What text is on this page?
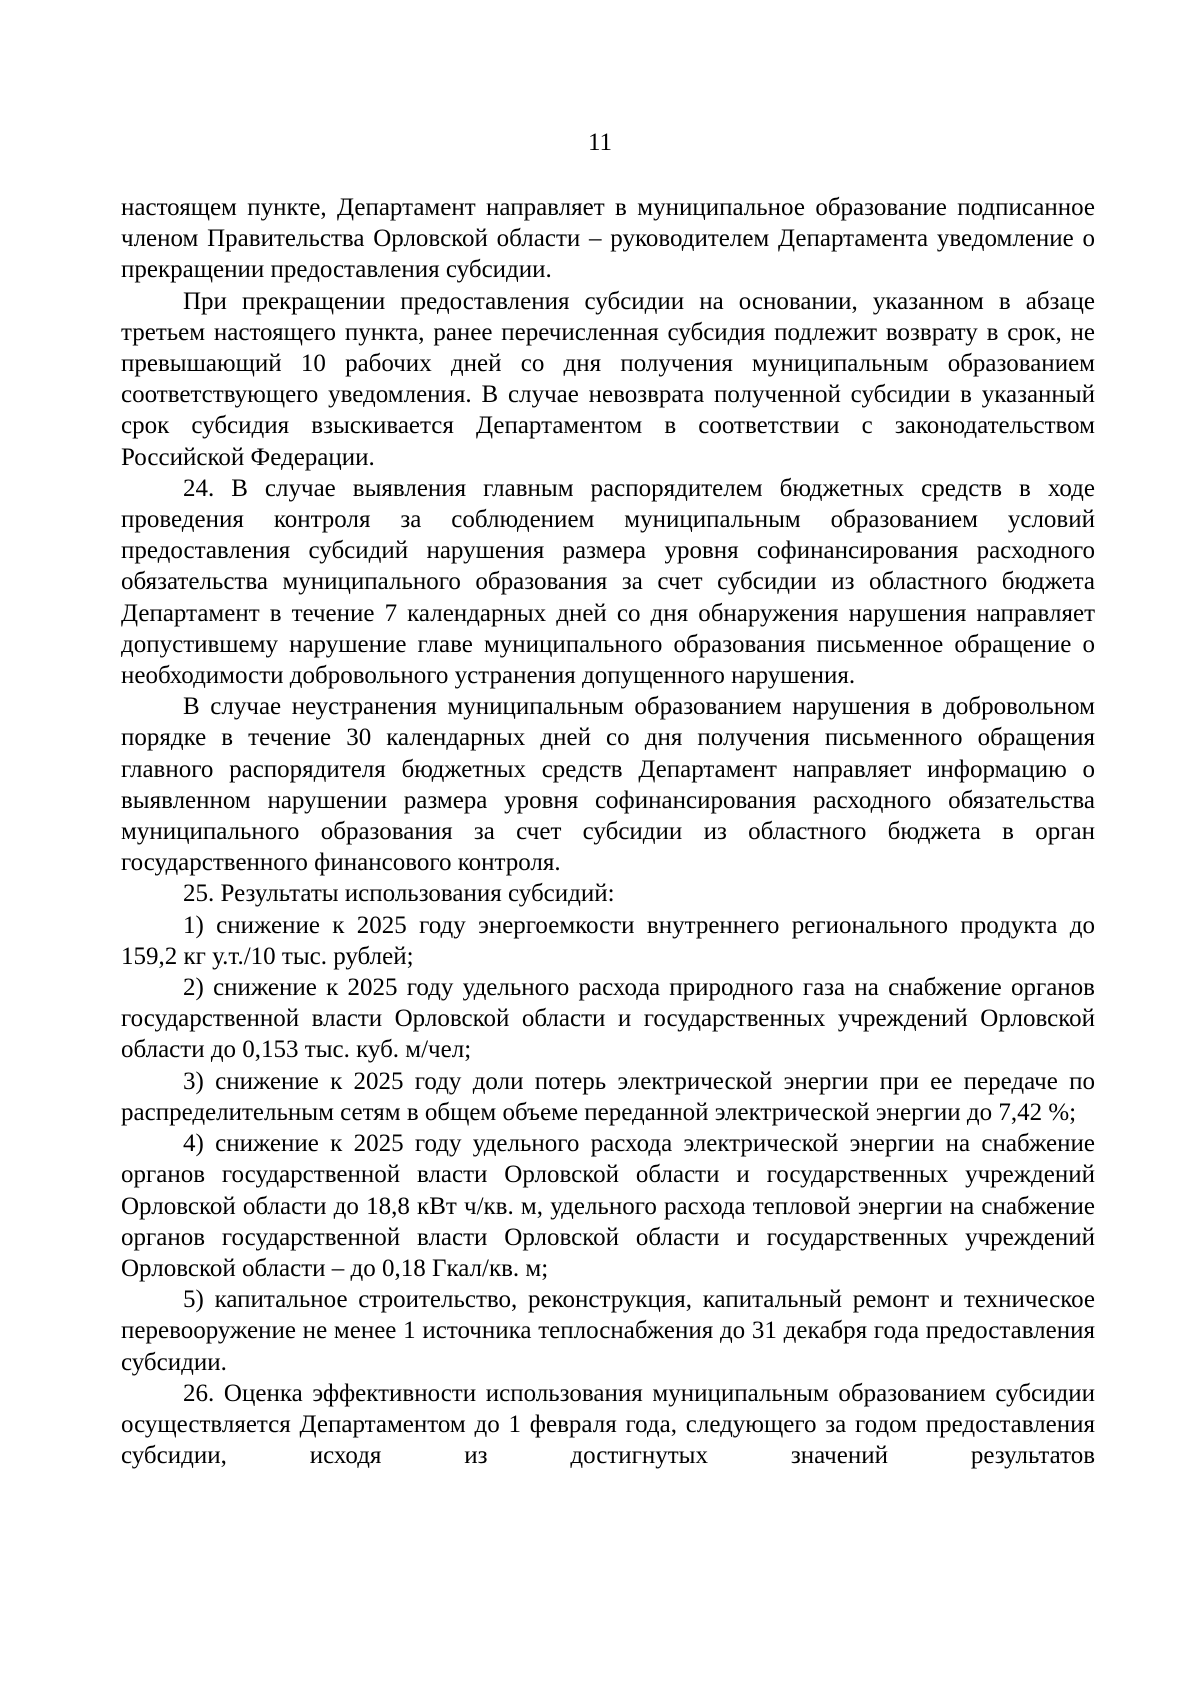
11

настоящем пункте, Департамент направляет в муниципальное образование подписанное членом Правительства Орловской области – руководителем Департамента уведомление о прекращении предоставления субсидии.

При прекращении предоставления субсидии на основании, указанном в абзаце третьем настоящего пункта, ранее перечисленная субсидия подлежит возврату в срок, не превышающий 10 рабочих дней со дня получения муниципальным образованием соответствующего уведомления. В случае невозврата полученной субсидии в указанный срок субсидия взыскивается Департаментом в соответствии с законодательством Российской Федерации.

24. В случае выявления главным распорядителем бюджетных средств в ходе проведения контроля за соблюдением муниципальным образованием условий предоставления субсидий нарушения размера уровня софинансирования расходного обязательства муниципального образования за счет субсидии из областного бюджета Департамент в течение 7 календарных дней со дня обнаружения нарушения направляет допустившему нарушение главе муниципального образования письменное обращение о необходимости добровольного устранения допущенного нарушения.

В случае неустранения муниципальным образованием нарушения в добровольном порядке в течение 30 календарных дней со дня получения письменного обращения главного распорядителя бюджетных средств Департамент направляет информацию о выявленном нарушении размера уровня софинансирования расходного обязательства муниципального образования за счет субсидии из областного бюджета в орган государственного финансового контроля.

25. Результаты использования субсидий:

1) снижение к 2025 году энергоемкости внутреннего регионального продукта до 159,2 кг у.т./10 тыс. рублей;

2) снижение к 2025 году удельного расхода природного газа на снабжение органов государственной власти Орловской области и государственных учреждений Орловской области до 0,153 тыс. куб. м/чел;

3) снижение к 2025 году доли потерь электрической энергии при ее передаче по распределительным сетям в общем объеме переданной электрической энергии до 7,42 %;

4) снижение к 2025 году удельного расхода электрической энергии на снабжение органов государственной власти Орловской области и государственных учреждений Орловской области до 18,8 кВт ч/кв. м, удельного расхода тепловой энергии на снабжение органов государственной власти Орловской области и государственных учреждений Орловской области – до 0,18 Гкал/кв. м;

5) капитальное строительство, реконструкция, капитальный ремонт и техническое перевооружение не менее 1 источника теплоснабжения до 31 декабря года предоставления субсидии.

26. Оценка эффективности использования муниципальным образованием субсидии осуществляется Департаментом до 1 февраля года, следующего за годом предоставления субсидии, исходя из достигнутых значений результатов
